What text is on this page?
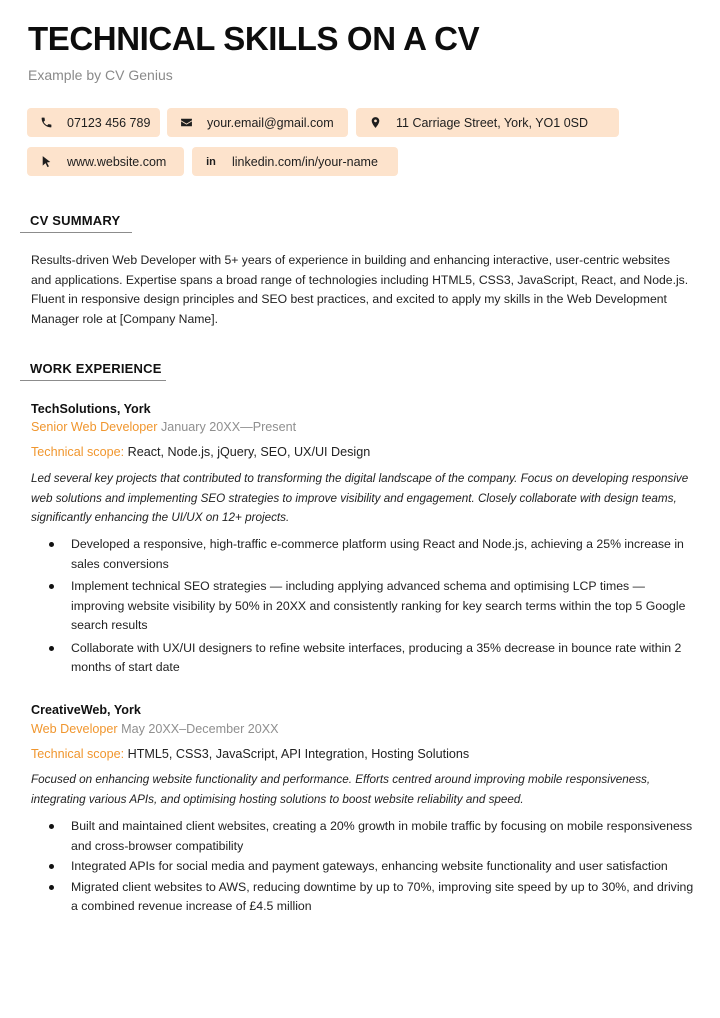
TECHNICAL SKILLS ON A CV
Example by CV Genius
07123 456 789	your.email@gmail.com	11 Carriage Street, York, YO1 0SD
www.website.com	in linkedin.com/in/your-name
CV SUMMARY

Results-driven Web Developer with 5+ years of experience in building and enhancing interactive, user-centric websites and applications. Expertise spans a broad range of technologies including HTML5, CSS3, JavaScript, React, and Node.js. Fluent in responsive design principles and SEO best practices, and excited to apply my skills in the Web Development Manager role at [Company Name].

WORK EXPERIENCE
TechSolutions, York
Senior Web Developer January 20XX—Present
Technical scope: React, Node.js, jQuery, SEO, UX/UI Design

Led several key projects that contributed to transforming the digital landscape of the company. Focus on developing responsive web solutions and implementing SEO strategies to improve visibility and engagement. Closely collaborate with design teams, significantly enhancing the UI/UX on 12+ projects.

Developed a responsive, high-traffic e-commerce platform using React and Node.js, achieving a 25% increase in sales conversions
Implement technical SEO strategies — including applying advanced schema and optimising LCP times — improving website visibility by 50% in 20XX and consistently ranking for key search terms within the top 5 Google search results
Collaborate with UX/UI designers to refine website interfaces, producing a 35% decrease in bounce rate within 2 months of start date
CreativeWeb, York
Web Developer May 20XX–December 20XX
Technical scope: HTML5, CSS3, JavaScript, API Integration, Hosting Solutions

Focused on enhancing website functionality and performance. Efforts centred around improving mobile responsiveness, integrating various APIs, and optimising hosting solutions to boost website reliability and speed.

Built and maintained client websites, creating a 20% growth in mobile traffic by focusing on mobile responsiveness and cross-browser compatibility
Integrated APIs for social media and payment gateways, enhancing website functionality and user satisfaction
Migrated client websites to AWS, reducing downtime by up to 70%, improving site speed by up to 30%, and driving a combined revenue increase of £4.5 million
